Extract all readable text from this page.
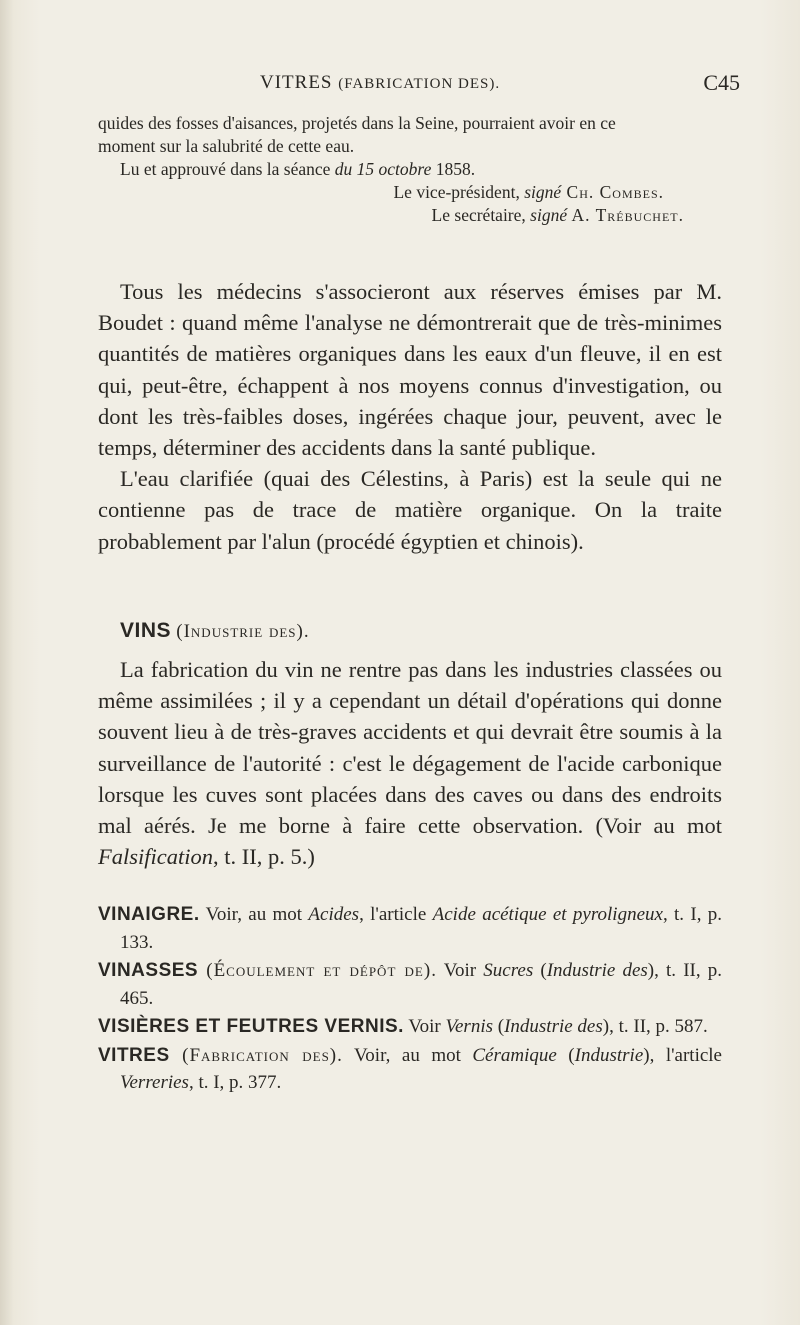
VITRES (FABRICATION DES).	C45
quides des fosses d'aisances, projetés dans la Seine, pourraient avoir en ce
moment sur la salubrité de cette eau.
Lu et approuvé dans la séance du 15 octobre 1858.
Le vice-président, signé Ch. Combes.
Le secrétaire, signé A. Trébuchet.

Tous les médecins s'associeront aux réserves émises par M. Boudet : quand même l'analyse ne démontrerait que de très-minimes quantités de matières organiques dans les eaux d'un fleuve, il en est qui, peut-être, échappent à nos moyens connus d'investigation, ou dont les très-faibles doses, ingérées chaque jour, peuvent, avec le temps, déterminer des accidents dans la santé publique.

L'eau clarifiée (quai des Célestins, à Paris) est la seule qui ne contienne pas de trace de matière organique. On la traite probablement par l'alun (procédé égyptien et chinois).

VINS (Industrie des).

La fabrication du vin ne rentre pas dans les industries classées ou même assimilées ; il y a cependant un détail d'opérations qui donne souvent lieu à de très-graves accidents et qui devrait être soumis à la surveillance de l'autorité : c'est le dégagement de l'acide carbonique lorsque les cuves sont placées dans des caves ou dans des endroits mal aérés. Je me borne à faire cette observation. (Voir au mot Falsification, t. II, p. 5.)

VINAIGRE. Voir, au mot Acides, l'article Acide acétique et pyroligneux, t. I, p. 133.
VINASSES (Écoulement et dépôt de). Voir Sucres (Industrie des), t. II, p. 465.
VISIÈRES ET FEUTRES VERNIS. Voir Vernis (Industrie des), t. II, p. 587.
VITRES (Fabrication des). Voir, au mot Céramique (Industrie), l'article Verreries, t. I, p. 377.
